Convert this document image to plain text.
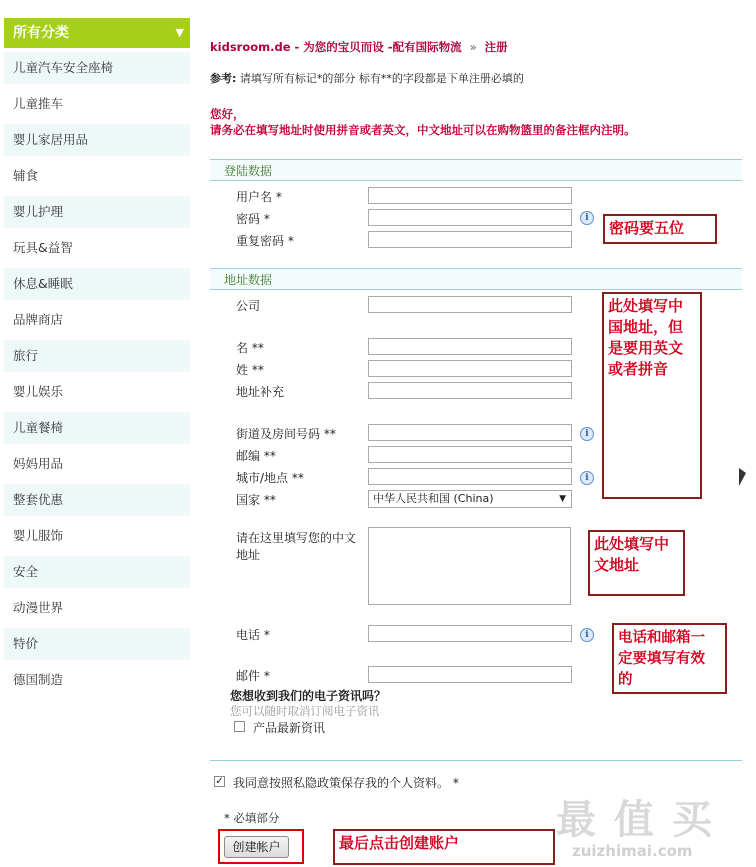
所有分类	▼
儿童汽车安全座椅
儿童推车
婴儿家居用品
辅食
婴儿护理
玩具&益智
休息&睡眠
品牌商店
旅行
婴儿娱乐
儿童餐椅
妈妈用品
整套优惠
婴儿服饰
安全
动漫世界
特价
德国制造
kidsroom.de - 为您的宝贝而设 -配有国际物流 » 注册
参考: 请填写所有标记*的部分 标有**的字段都是下单注册必填的
您好，
请务必在填写地址时使用拼音或者英文，中文地址可以在购物篮里的备注框内注明。
登陆数据
用户名 *
密码 *	i
重复密码 *
地址数据
公司
名 **
姓 **
地址补充
街道及房间号码 **	i
邮编 **
城市/地点 **	i
国家 **	中华人民共和国 (China)	▼
请在这里填写您的中文
地址
电话 *	i
邮件 *
您想收到我们的电子资讯吗？
您可以随时取消订阅电子资讯
产品最新资讯
✓ 我同意按照私隐政策保存我的个人资料。 *
* 必填部分
创建帐户
密码要五位
此处填写中
国地址，但
是要用英文
或者拼音
此处填写中
文地址
电话和邮箱一
定要填写有效
的
最后点击创建账户	最值买
zuizhimai.com
